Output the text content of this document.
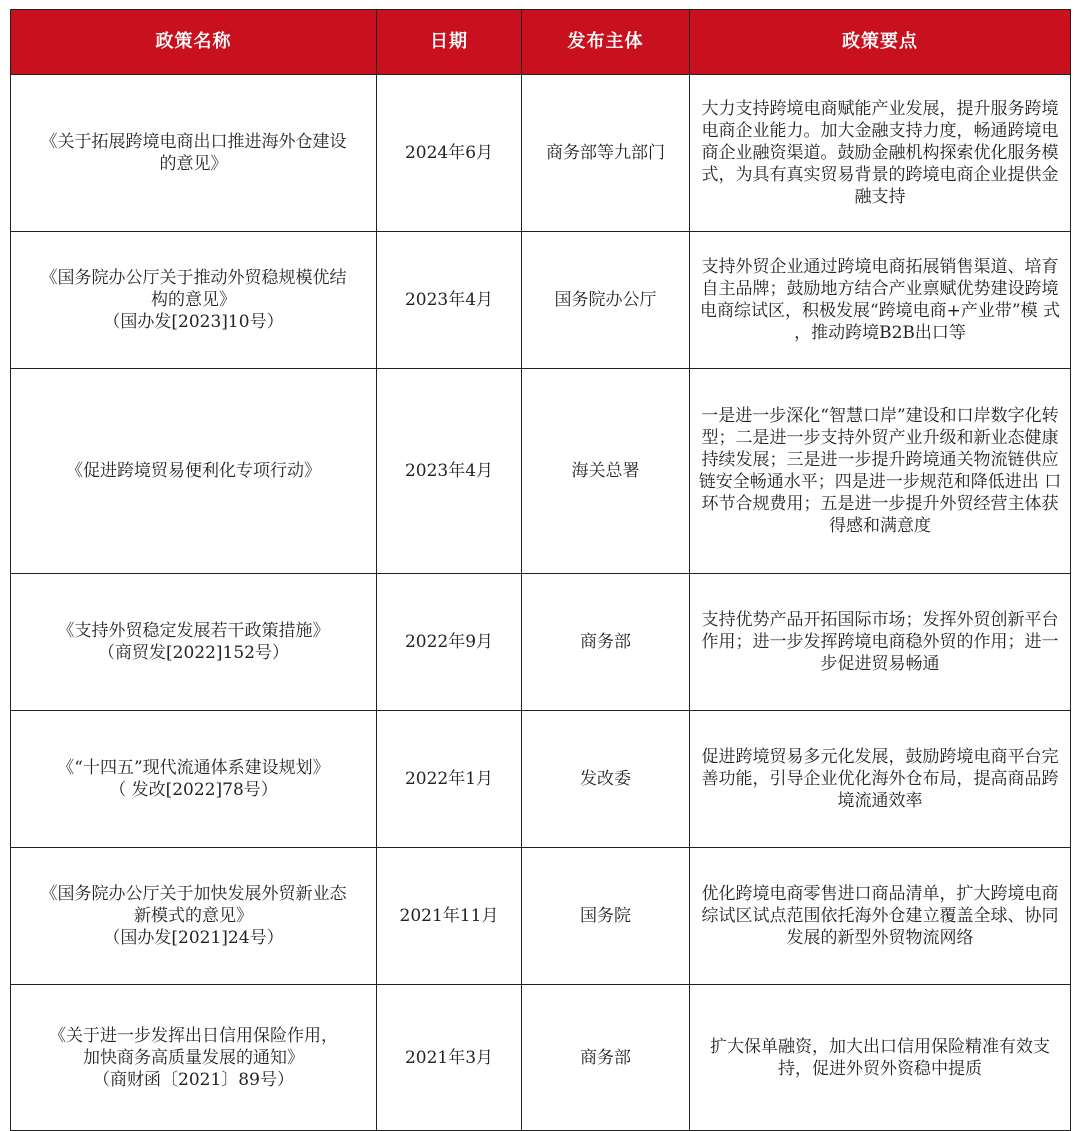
政策名称	日期	发布主体	政策要点

《关于拓展跨境电商出口推进海外仓建设
的意见》	2024年6月	商务部等九部门	大力支持跨境电商赋能产业发展，提升服务跨境电商企业能力。加大金融支持力度，畅通跨境电商企业融资渠道。鼓励金融机构探索优化服务模式，为具有真实贸易背景的跨境电商企业提供金融支持

《国务院办公厅关于推动外贸稳规模优结
构的意见》
（国办发[2023]10号）	2023年4月	国务院办公厅	支持外贸企业通过跨境电商拓展销售渠道、培育自主品牌；鼓励地方结合产业禀赋优势建设跨境电商综试区，积极发展“跨境电商+产业带”模 式 ，推动跨境B2B出口等

《促进跨境贸易便利化专项行动》	2023年4月	海关总署	一是进一步深化“智慧口岸”建设和口岸数字化转型；二是进一步支持外贸产业升级和新业态健康持续发展；三是进一步提升跨境通关物流链供应链安全畅通水平；四是进一步规范和降低进出 口环节合规费用；五是进一步提升外贸经营主体获得感和满意度

《支持外贸稳定发展若干政策措施》
（商贸发[2022]152号）	2022年9月	商务部	支持优势产品开拓国际市场；发挥外贸创新平台作用；进一步发挥跨境电商稳外贸的作用；进一步促进贸易畅通

《“十四五”现代流通体系建设规划》
（ 发改[2022]78号）	2022年1月	发改委	促进跨境贸易多元化发展，鼓励跨境电商平台完善功能，引导企业优化海外仓布局，提高商品跨境流通效率

《国务院办公厅关于加快发展外贸新业态
新模式的意见》
（国办发[2021]24号）	2021年11月	国务院	优化跨境电商零售进口商品清单，扩大跨境电商综试区试点范围依托海外仓建立覆盖全球、协同发展的新型外贸物流网络

《关于进一步发挥出日信用保险作用，
加快商务高质量发展的通知》
（商财函〔2021〕89号）	2021年3月	商务部	扩大保单融资，加大出口信用保险精准有效支持，促进外贸外资稳中提质
